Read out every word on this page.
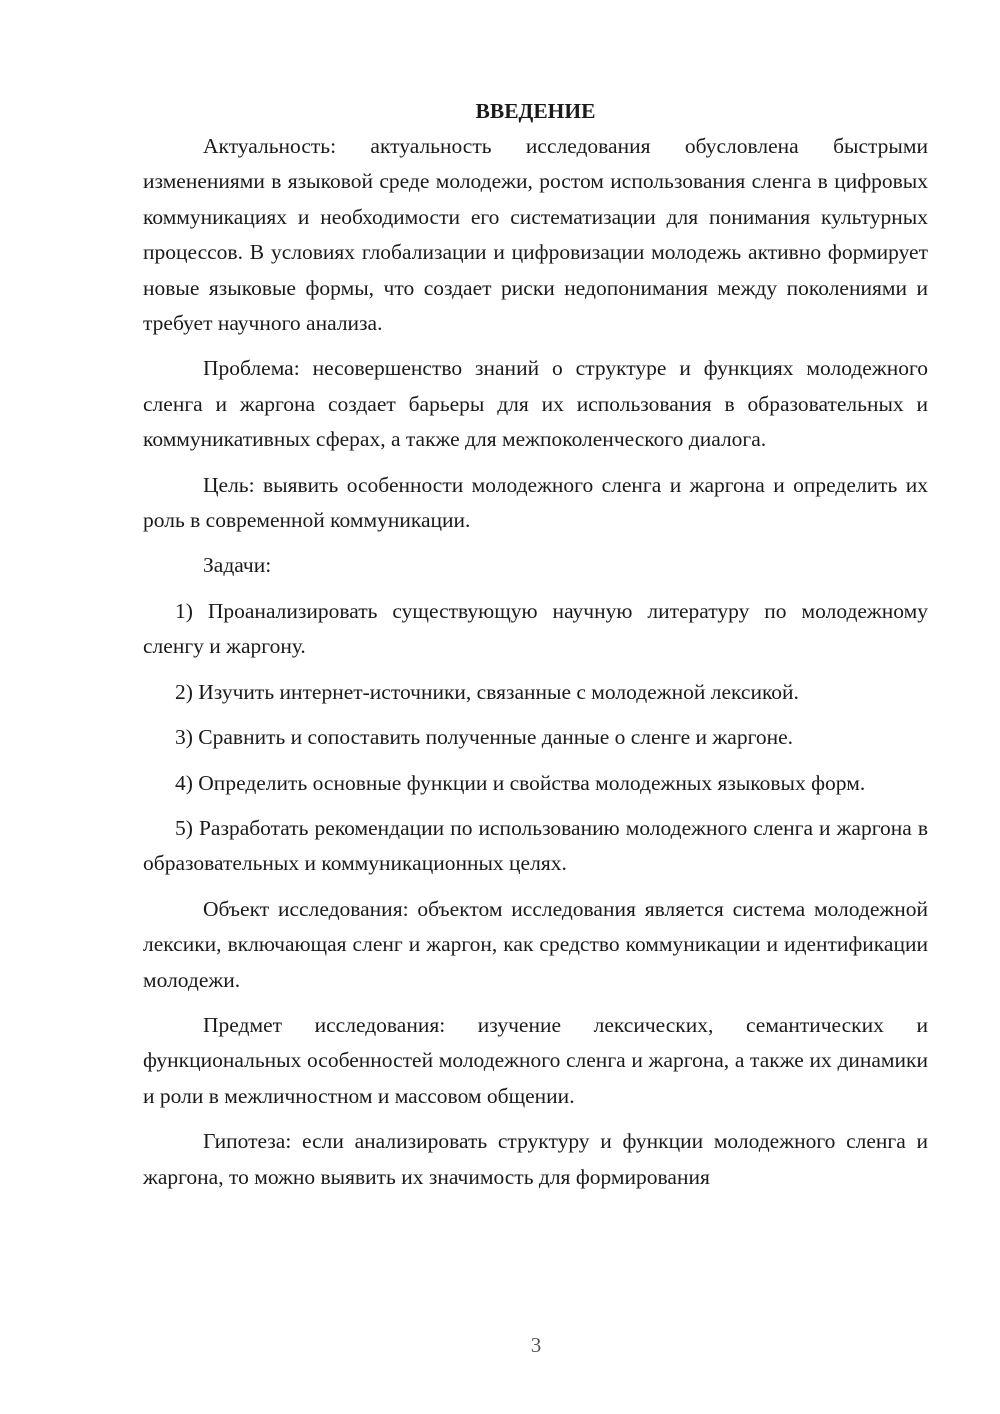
ВВЕДЕНИЕ

Актуальность: актуальность исследования обусловлена быстрыми изменениями в языковой среде молодежи, ростом использования сленга в цифровых коммуникациях и необходимости его систематизации для понимания культурных процессов. В условиях глобализации и цифровизации молодежь активно формирует новые языковые формы, что создает риски недопонимания между поколениями и требует научного анализа.

Проблема: несовершенство знаний о структуре и функциях молодежного сленга и жаргона создает барьеры для их использования в образовательных и коммуникативных сферах, а также для межпоколенческого диалога.

Цель: выявить особенности молодежного сленга и жаргона и определить их роль в современной коммуникации.

Задачи:

1) Проанализировать существующую научную литературу по молодежному сленгу и жаргону.

2) Изучить интернет-источники, связанные с молодежной лексикой.

3) Сравнить и сопоставить полученные данные о сленге и жаргоне.

4) Определить основные функции и свойства молодежных языковых форм.

5) Разработать рекомендации по использованию молодежного сленга и жаргона в образовательных и коммуникационных целях.

Объект исследования: объектом исследования является система молодежной лексики, включающая сленг и жаргон, как средство коммуникации и идентификации молодежи.

Предмет исследования: изучение лексических, семантических и функциональных особенностей молодежного сленга и жаргона, а также их динамики и роли в межличностном и массовом общении.

Гипотеза: если анализировать структуру и функции молодежного сленга и жаргона, то можно выявить их значимость для формирования

3
